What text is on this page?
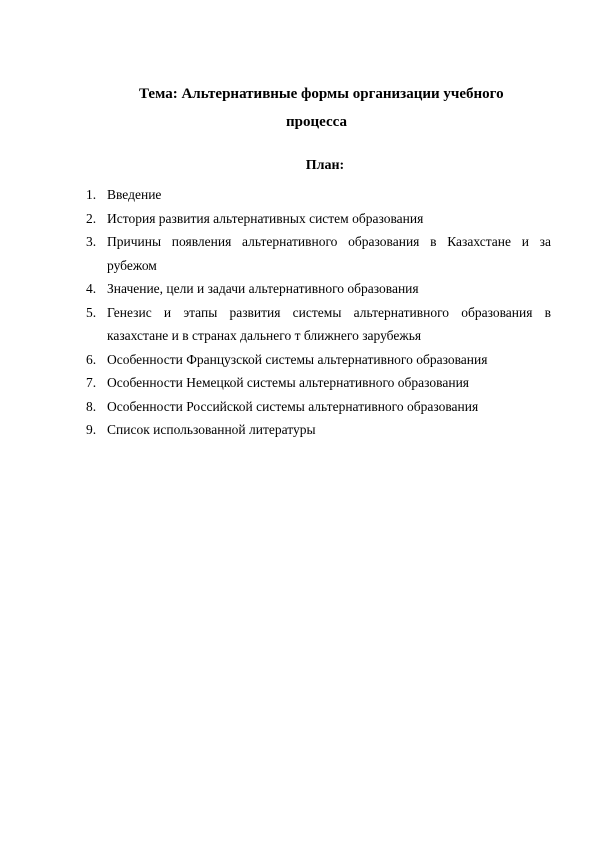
Тема: Альтернативные формы организации учебного
процесса
План:
1. Введение
2. История развития альтернативных систем образования
3. Причины появления альтернативного образования в Казахстане и за
рубежом
4. Значение, цели и задачи альтернативного образования
5. Генезис и этапы развития системы альтернативного образования в
казахстане и в странах дальнего т ближнего зарубежья
6. Особенности Французской системы альтернативного образования
7. Особенности Немецкой системы альтернативного образования
8. Особенности Российской системы альтернативного образования
9. Список использованной литературы
